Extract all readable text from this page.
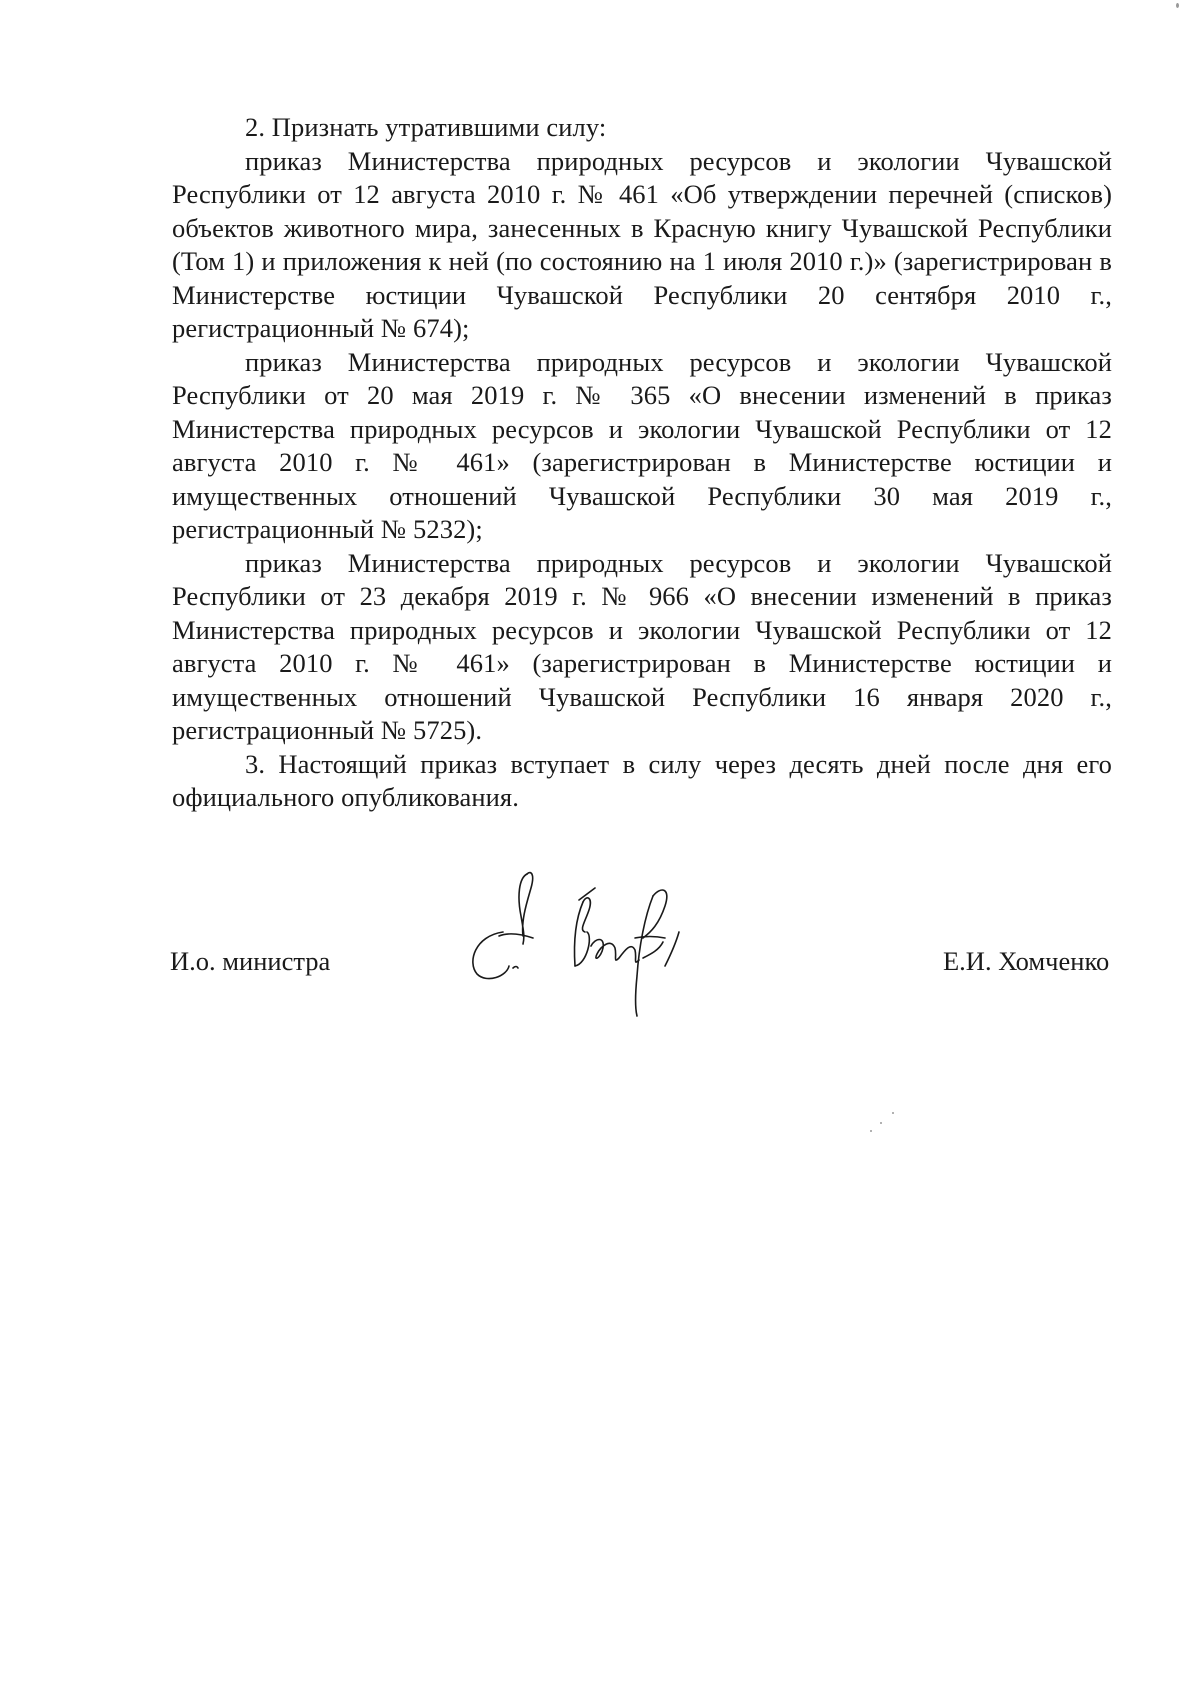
2. Признать утратившими силу:

приказ Министерства природных ресурсов и экологии Чувашской Республики от 12 августа 2010 г. № 461 «Об утверждении перечней (списков) объектов животного мира, занесенных в Красную книгу Чувашской Республики (Том 1) и приложения к ней (по состоянию на 1 июля 2010 г.)» (зарегистрирован в Министерстве юстиции Чувашской Республики 20 сентября 2010 г., регистрационный № 674);

приказ Министерства природных ресурсов и экологии Чувашской Республики от 20 мая 2019 г. № 365 «О внесении изменений в приказ Министерства природных ресурсов и экологии Чувашской Республики от 12 августа 2010 г. № 461» (зарегистрирован в Министерстве юстиции и имущественных отношений Чувашской Республики 30 мая 2019 г., регистрационный № 5232);

приказ Министерства природных ресурсов и экологии Чувашской Республики от 23 декабря 2019 г. № 966 «О внесении изменений в приказ Министерства природных ресурсов и экологии Чувашской Республики от 12 августа 2010 г. № 461» (зарегистрирован в Министерстве юстиции и имущественных отношений Чувашской Республики 16 января 2020 г., регистрационный № 5725).

3. Настоящий приказ вступает в силу через десять дней после дня его официального опубликования.

И.о. министра	Е.И. Хомченко
